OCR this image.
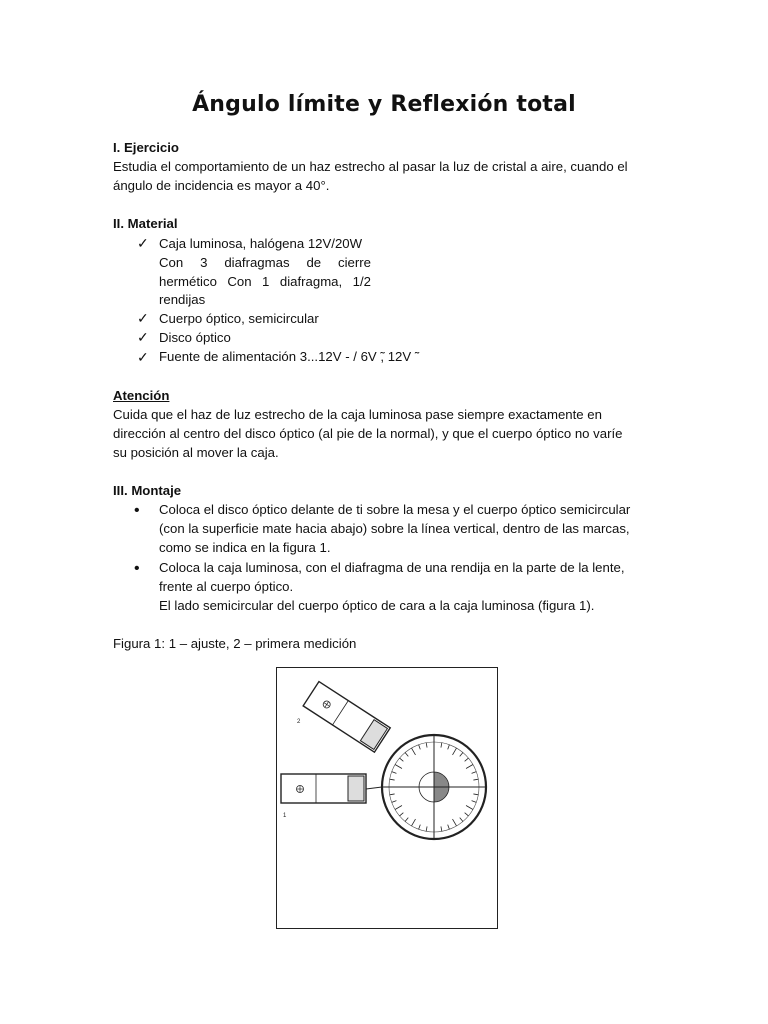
Ángulo límite y Reflexión total
I. Ejercicio
Estudia el comportamiento de un haz estrecho al pasar la luz de cristal a aire, cuando el
ángulo de incidencia es mayor a 40°.
II. Material
✓ Caja luminosa, halógena 12V/20W
Con 3 diafragmas de cierre
hermético Con 1 diafragma, 1/2
rendijas
✓ Cuerpo óptico, semicircular
✓ Disco óptico
✓ Fuente de alimentación 3...12V - / 6V ̃, 12V ̃
Atención
Cuida que el haz de luz estrecho de la caja luminosa pase siempre exactamente en
dirección al centro del disco óptico (al pie de la normal), y que el cuerpo óptico no varíe
su posición al mover la caja.
III. Montaje
• Coloca el disco óptico delante de ti sobre la mesa y el cuerpo óptico semicircular
(con la superficie mate hacia abajo) sobre la línea vertical, dentro de las marcas,
como se indica en la figura 1.
• Coloca la caja luminosa, con el diafragma de una rendija en la parte de la lente,
frente al cuerpo óptico.
El lado semicircular del cuerpo óptico de cara a la caja luminosa (figura 1).
Figura 1: 1 – ajuste, 2 – primera medición
2
1
